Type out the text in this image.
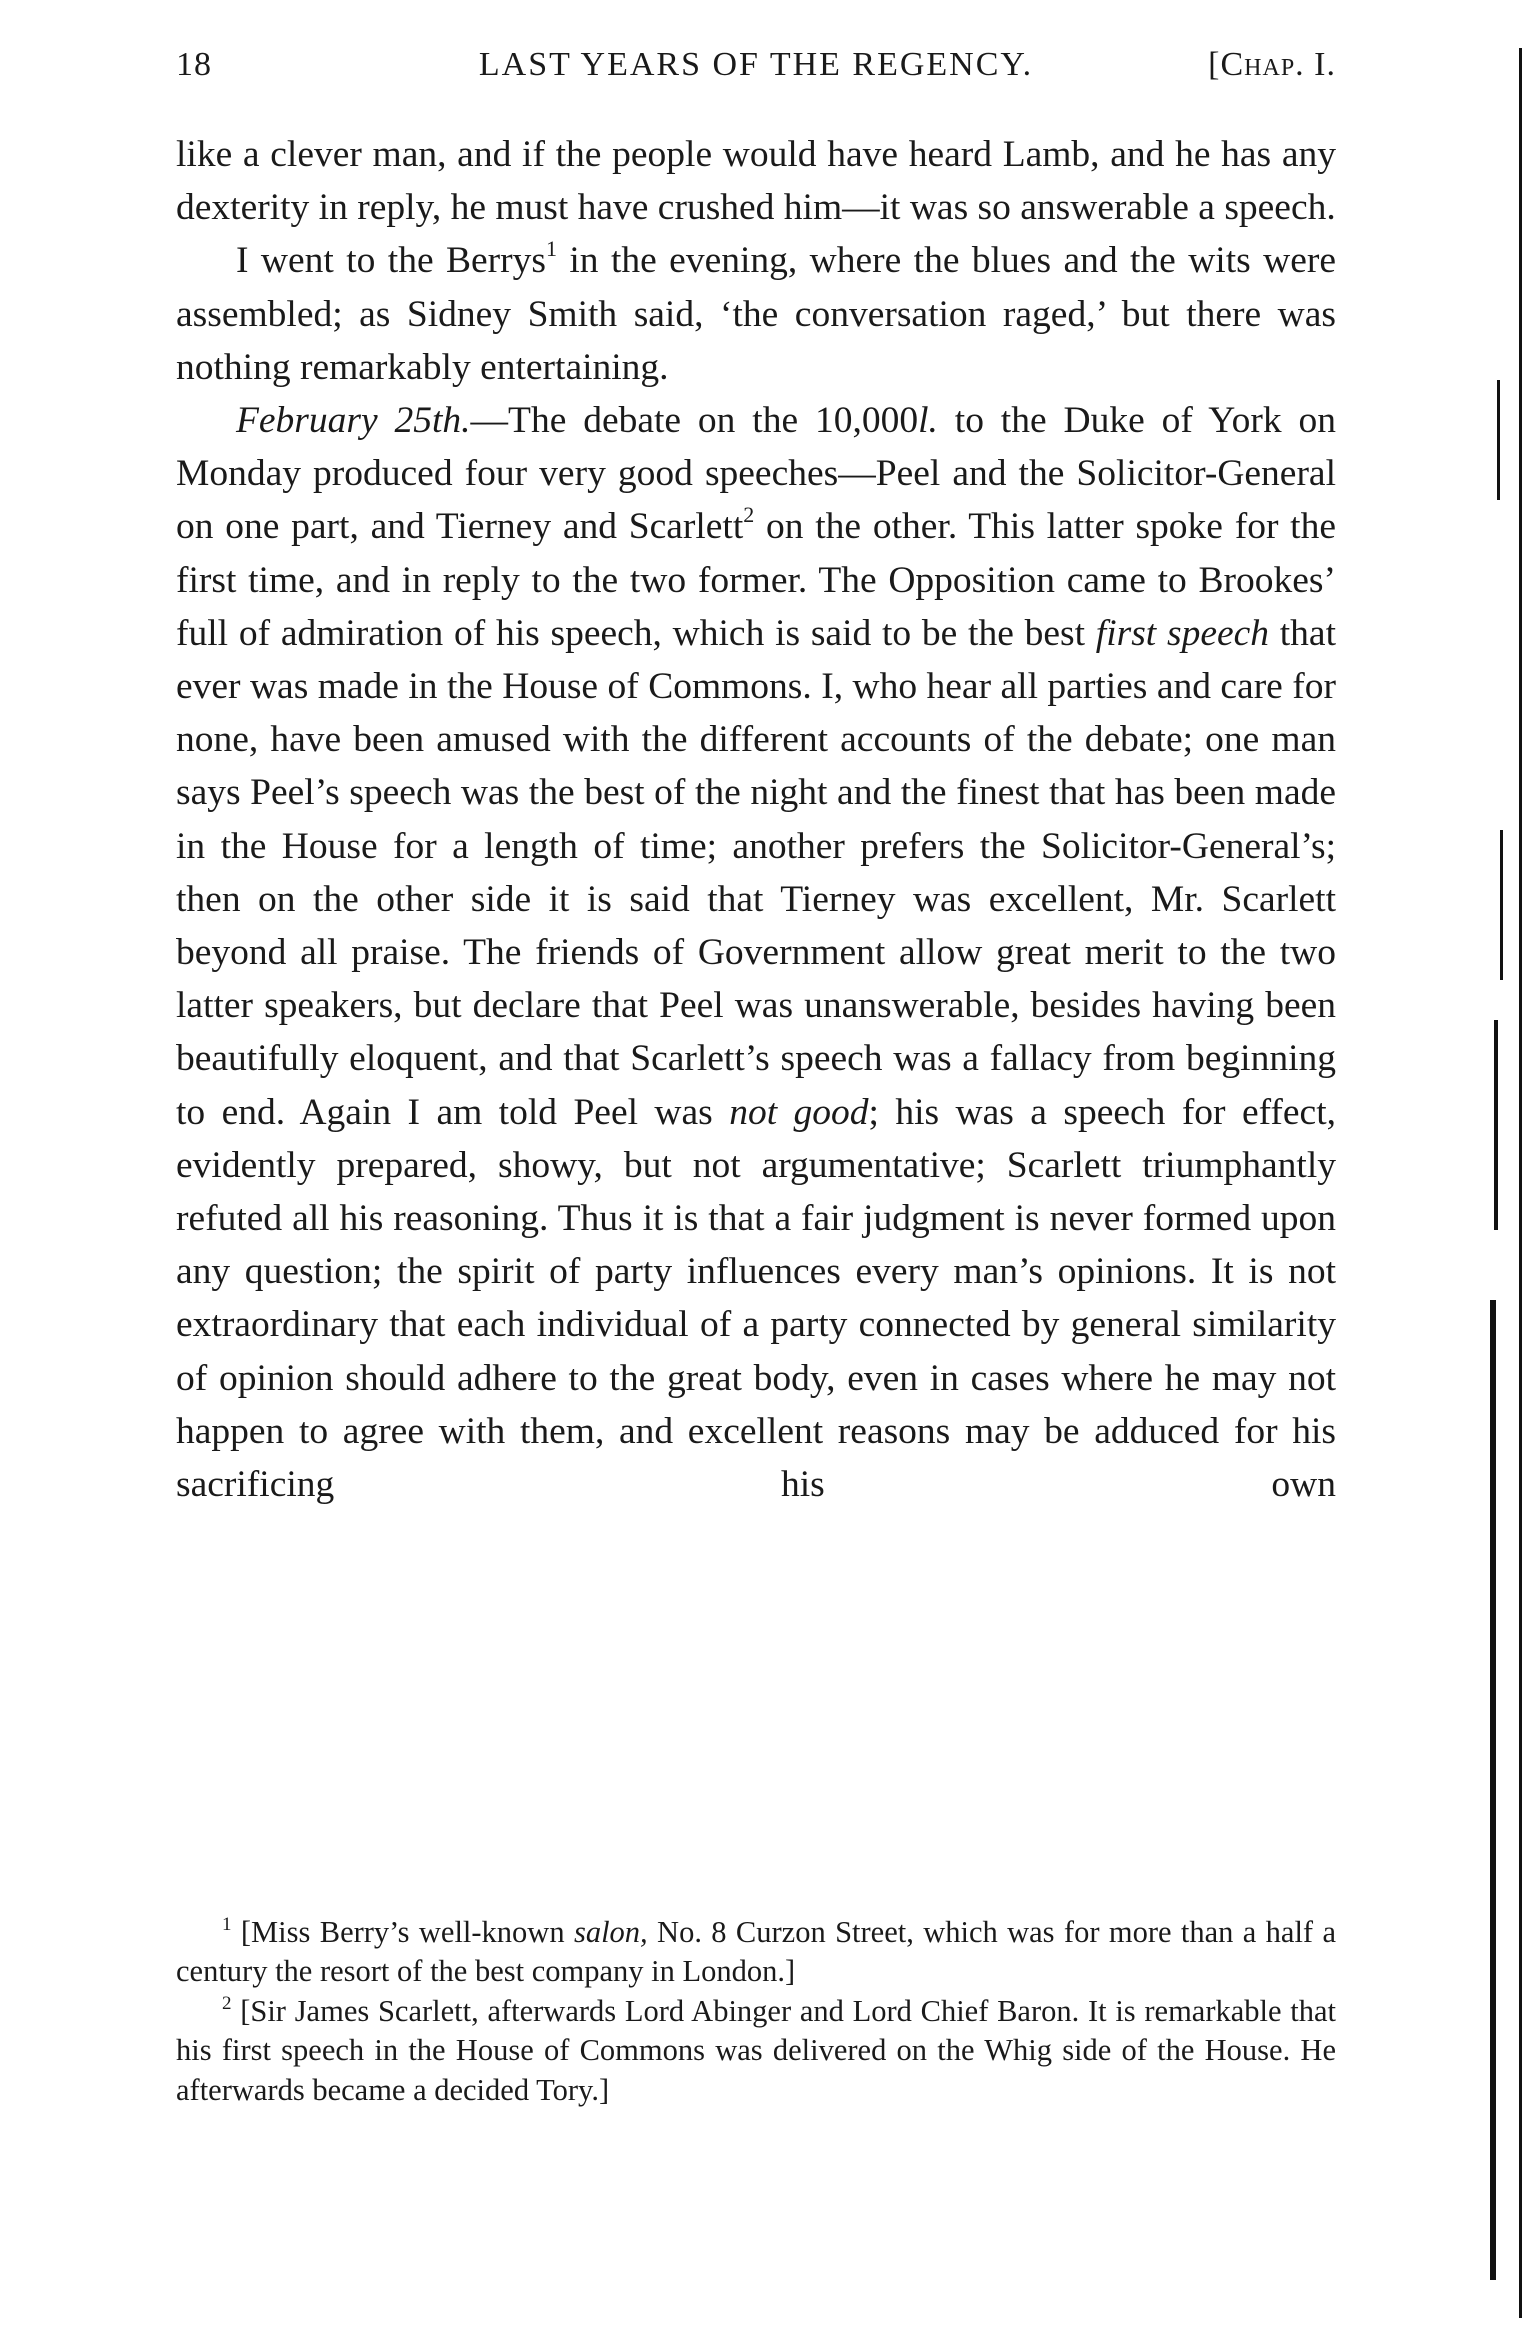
18	LAST YEARS OF THE REGENCY.	[Chap. I.

like a clever man, and if the people would have heard Lamb, and he has any dexterity in reply, he must have crushed him—it was so answerable a speech.

I went to the Berrys$^1$ in the evening, where the blues and the wits were assembled; as Sidney Smith said, ‘the conversation raged,’ but there was nothing remarkably entertaining.

February 25th.—The debate on the 10,000l. to the Duke of York on Monday produced four very good speeches—Peel and the Solicitor-General on one part, and Tierney and Scarlett$^2$ on the other. This latter spoke for the first time, and in reply to the two former. The Opposition came to Brookes’ full of admiration of his speech, which is said to be the best first speech that ever was made in the House of Commons. I, who hear all parties and care for none, have been amused with the different accounts of the debate; one man says Peel’s speech was the best of the night and the finest that has been made in the House for a length of time; another prefers the Solicitor-General’s; then on the other side it is said that Tierney was excellent, Mr. Scarlett beyond all praise. The friends of Government allow great merit to the two latter speakers, but declare that Peel was unanswerable, besides having been beautifully eloquent, and that Scarlett’s speech was a fallacy from beginning to end. Again I am told Peel was not good; his was a speech for effect, evidently prepared, showy, but not argumentative; Scarlett triumphantly refuted all his reasoning. Thus it is that a fair judgment is never formed upon any question; the spirit of party influences every man’s opinions. It is not extraordinary that each individual of a party connected by general similarity of opinion should adhere to the great body, even in cases where he may not happen to agree with them, and excellent reasons may be adduced for his sacrificing his own

$^1$ [Miss Berry’s well-known salon, No. 8 Curzon Street, which was for more than a half a century the resort of the best company in London.]

$^2$ [Sir James Scarlett, afterwards Lord Abinger and Lord Chief Baron. It is remarkable that his first speech in the House of Commons was delivered on the Whig side of the House. He afterwards became a decided Tory.]
